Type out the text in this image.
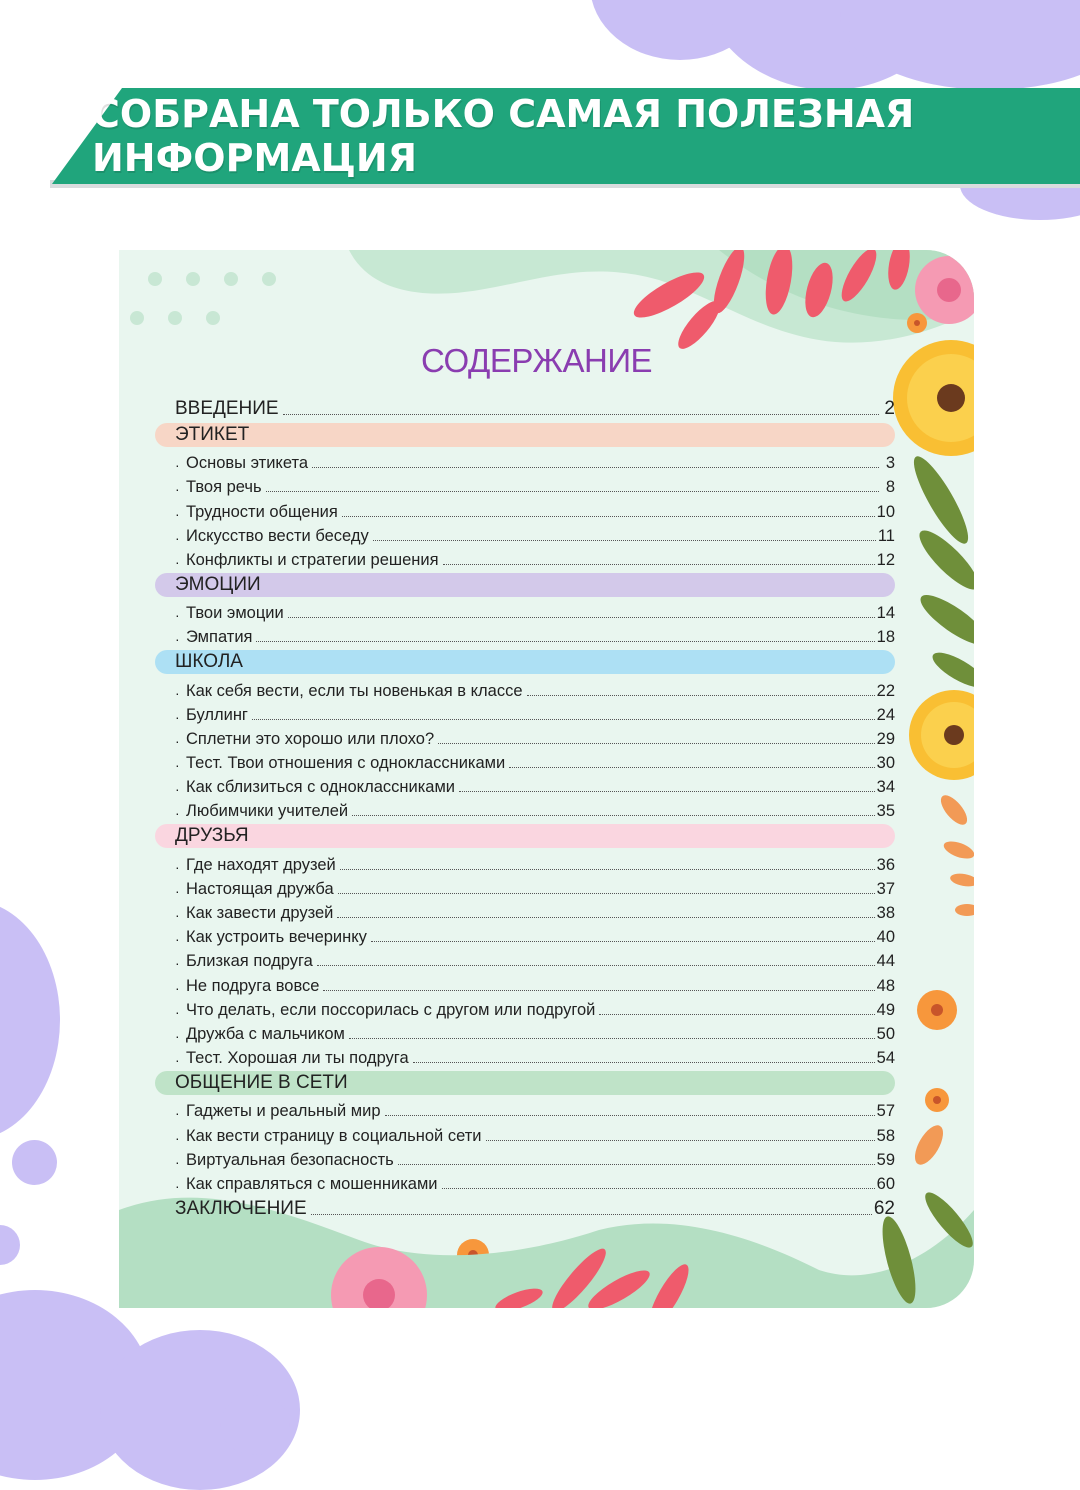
СОБРАНА ТОЛЬКО САМАЯ ПОЛЕЗНАЯ ИНФОРМАЦИЯ
СОДЕРЖАНИЕ
ВВЕДЕНИЕ	2
ЭТИКЕТ
· Основы этикета	3
· Твоя речь	8
· Трудности общения	10
· Искусство вести беседу	11
· Конфликты и стратегии решения	12
ЭМОЦИИ
· Твои эмоции	14
· Эмпатия	18
ШКОЛА
· Как себя вести, если ты новенькая в классе	22
· Буллинг	24
· Сплетни это хорошо или плохо?	29
· Тест. Твои отношения с одноклассниками	30
· Как сблизиться с одноклассниками	34
· Любимчики учителей	35
ДРУЗЬЯ
· Где находят друзей	36
· Настоящая дружба	37
· Как завести друзей	38
· Как устроить вечеринку	40
· Близкая подруга	44
· Не подруга вовсе	48
· Что делать, если поссорилась с другом или подругой	49
· Дружба с мальчиком	50
· Тест. Хорошая ли ты подруга	54
ОБЩЕНИЕ В СЕТИ
· Гаджеты и реальный мир	57
· Как вести страницу в социальной сети	58
· Виртуальная безопасность	59
· Как справляться с мошенниками	60
ЗАКЛЮЧЕНИЕ	62
